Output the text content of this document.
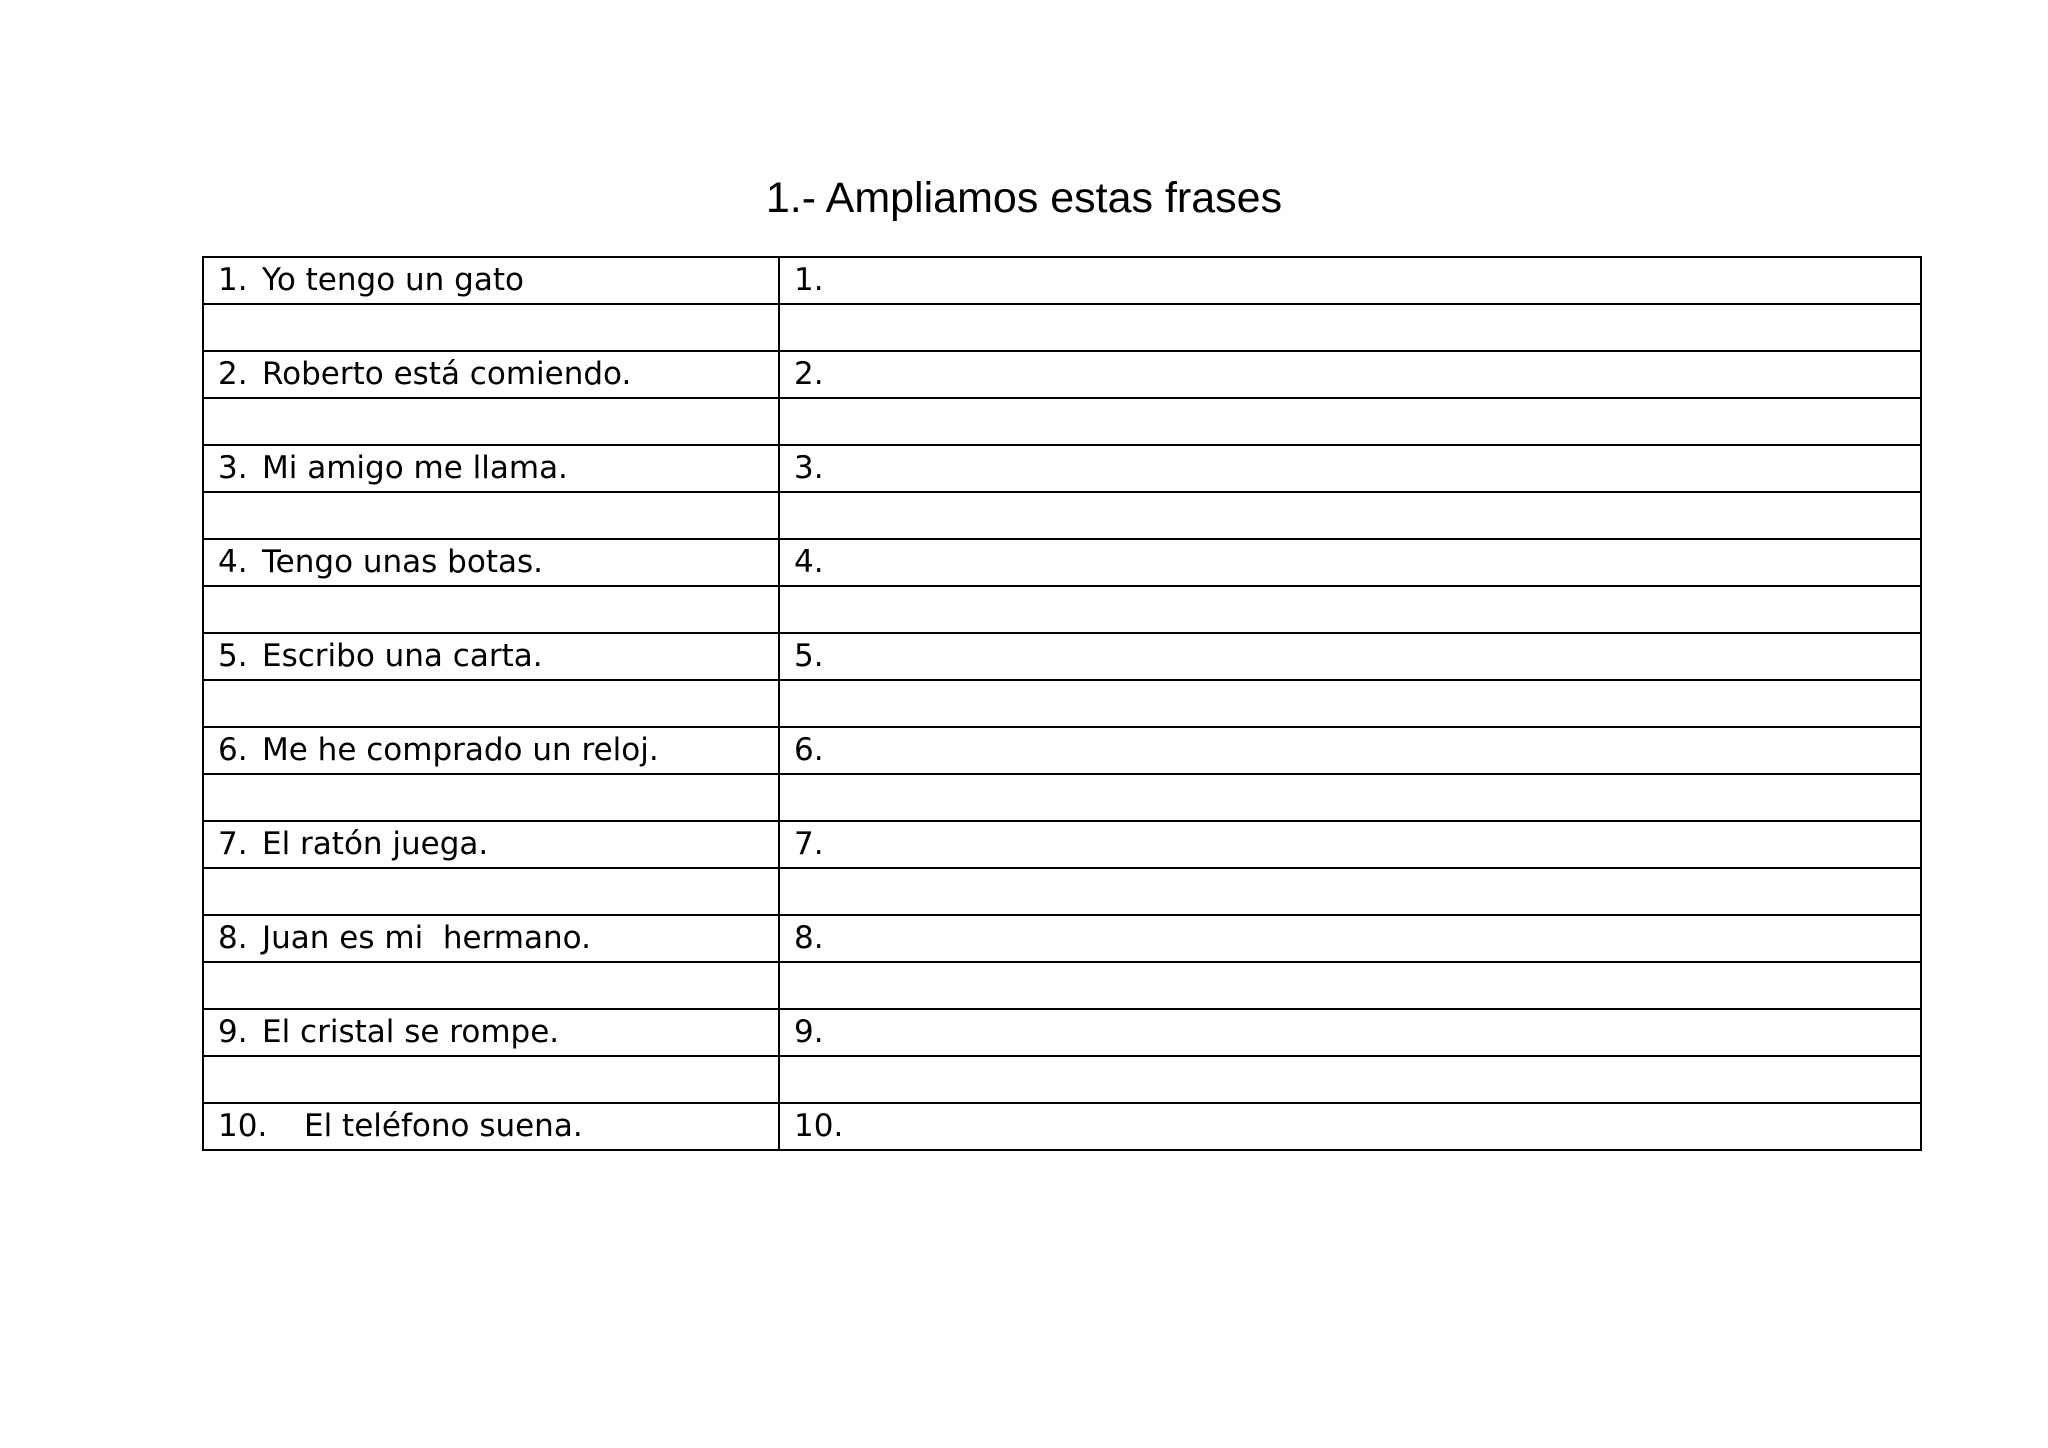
1.- Ampliamos estas frases
1. Yo tengo un gato	1.

2. Roberto está comiendo.	2.

3. Mi amigo me llama.	3.

4. Tengo unas botas.	4.

5. Escribo una carta.	5.

6. Me he comprado un reloj.	6.

7. El ratón juega.	7.

8. Juan es mi  hermano.	8.

9. El cristal se rompe.	9.

10. El teléfono suena.	10.
